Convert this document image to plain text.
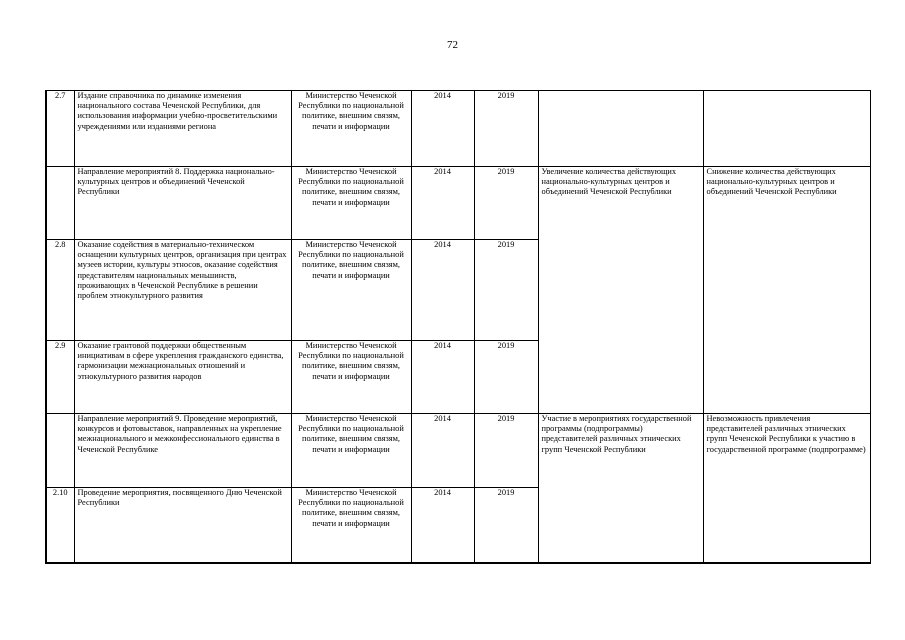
72
2.7	Издание справочника по динамике изменения национального состава Чеченской Республики, для использования информации учебно-просветительскими учреждениями или изданиями региона	Министерство Чеченской Республики по национальной политике, внешним связям, печати и информации	2014	2019		
	Направление мероприятий 8. Поддержка национально-культурных центров и объединений Чеченской Республики	Министерство Чеченской Республики по национальной политике, внешним связям, печати и информации	2014	2019	Увеличение количества действующих национально-культурных центров и объединений Чеченской Республики	Снижение количества действующих национально-культурных центров и объединений Чеченской Республики
2.8	Оказание содействия в материально-техническом оснащении культурных центров, организация при центрах музеев истории, культуры этносов, оказание содействия представителям национальных меньшинств, проживающих в Чеченской Республике в решении проблем этнокультурного развития	Министерство Чеченской Республики по национальной политике, внешним связям, печати и информации	2014	2019		
2.9	Оказание грантовой поддержки общественным инициативам в сфере укрепления гражданского единства, гармонизации межнациональных отношений и этнокультурного развития народов	Министерство Чеченской Республики по национальной политике, внешним связям, печати и информации	2014	2019		
	Направление мероприятий 9. Проведение мероприятий, конкурсов и фотовыставок, направленных на укрепление межнационального и межконфессионального единства в Чеченской Республике	Министерство Чеченской Республики по национальной политике, внешним связям, печати и информации	2014	2019	Участие в мероприятиях государственной программы (подпрограммы) представителей различных этнических групп Чеченской Республики	Невозможность привлечения представителей различных этнических групп Чеченской Республики к участию в государственной программе (подпрограмме)
2.10	Проведение мероприятия, посвященного Дню Чеченской Республики	Министерство Чеченской Республики по национальной политике, внешним связям, печати и информации	2014	2019		
